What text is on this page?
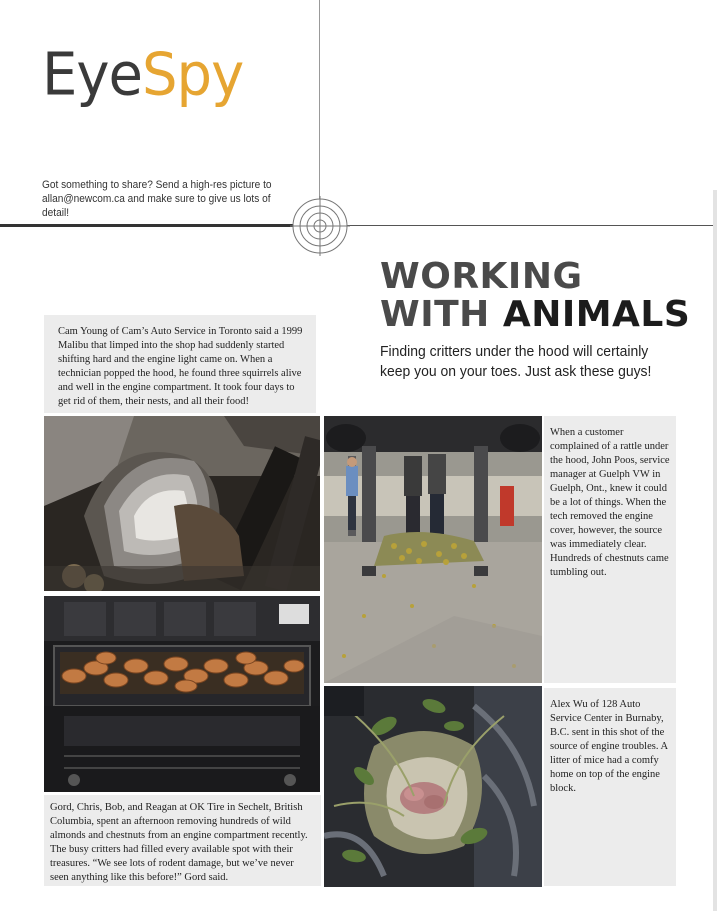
EyeSpy
Got something to share? Send a high-res picture to allan@newcom.ca and make sure to give us lots of detail!
WORKING
WITH ANIMALS
Finding critters under the hood will certainly keep you on your toes. Just ask these guys!
Cam Young of Cam’s Auto Service in Toronto said a 1999 Malibu that limped into the shop had suddenly started shifting hard and the engine light came on. When a technician popped the hood, he found three squirrels alive and well in the engine compartment. It took four days to get rid of them, their nests, and all their food!
When a customer complained of a rattle under the hood, John Poos, service manager at Guelph VW in Guelph, Ont., knew it could be a lot of things. When the tech removed the engine cover, however, the source was immediately clear. Hundreds of chestnuts came tumbling out.
Alex Wu of 128 Auto Service Center in Burnaby, B.C. sent in this shot of the source of engine troubles. A litter of mice had a comfy home on top of the engine block.
Gord, Chris, Bob, and Reagan at OK Tire in Sechelt, British Columbia, spent an afternoon removing hundreds of wild almonds and chestnuts from an engine compartment recently. The busy critters had filled every available spot with their treasures. “We see lots of rodent damage, but we’ve never seen anything like this before!” Gord said.
